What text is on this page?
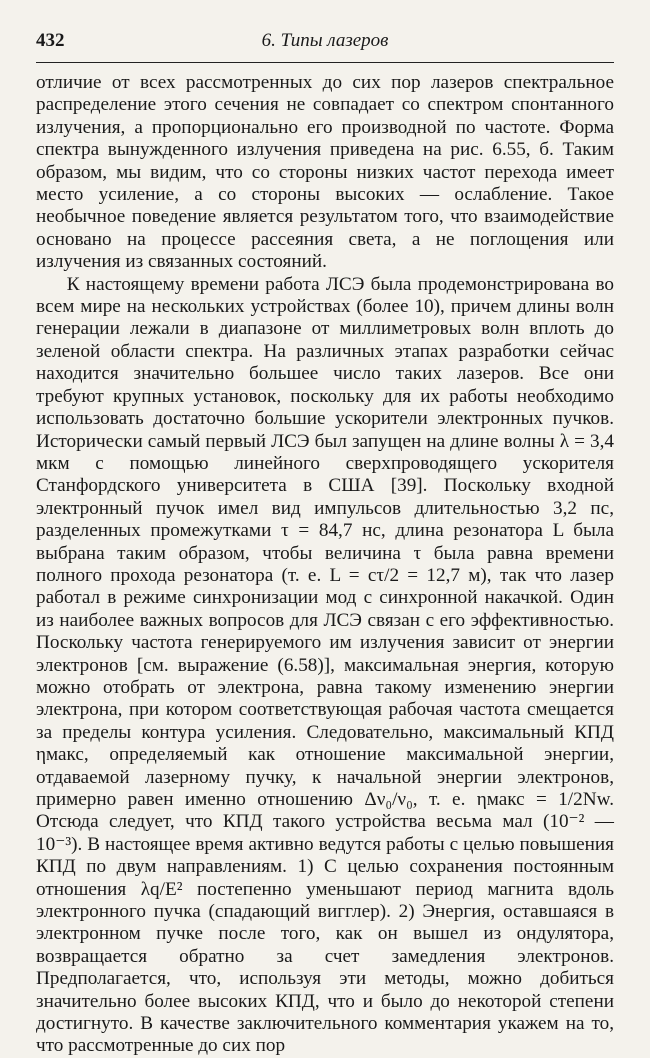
432	6. Типы лазеров

отличие от всех рассмотренных до сих пор лазеров спектральное распределение этого сечения не совпадает со спектром спонтанного излучения, а пропорционально его производной по частоте. Форма спектра вынужденного излучения приведена на рис. 6.55, б. Таким образом, мы видим, что со стороны низких частот перехода имеет место усиление, а со стороны высоких — ослабление. Такое необычное поведение является результатом того, что взаимодействие основано на процессе рассеяния света, а не поглощения или излучения из связанных состояний.

К настоящему времени работа ЛСЭ была продемонстрирована во всем мире на нескольких устройствах (более 10), причем длины волн генерации лежали в диапазоне от миллиметровых волн вплоть до зеленой области спектра. На различных этапах разработки сейчас находится значительно большее число таких лазеров. Все они требуют крупных установок, поскольку для их работы необходимо использовать достаточно большие ускорители электронных пучков. Исторически самый первый ЛСЭ был запущен на длине волны λ = 3,4 мкм с помощью линейного сверхпроводящего ускорителя Станфордского университета в США [39]. Поскольку входной электронный пучок имел вид импульсов длительностью 3,2 пс, разделенных промежутками τ = 84,7 нс, длина резонатора L была выбрана таким образом, чтобы величина τ была равна времени полного прохода резонатора (т. е. L = cτ/2 = 12,7 м), так что лазер работал в режиме синхронизации мод с синхронной накачкой. Один из наиболее важных вопросов для ЛСЭ связан с его эффективностью. Поскольку частота генерируемого им излучения зависит от энергии электронов [см. выражение (6.58)], максимальная энергия, которую можно отобрать от электрона, равна такому изменению энергии электрона, при котором соответствующая рабочая частота смещается за пределы контура усиления. Следовательно, максимальный КПД ηмакс, определяемый как отношение максимальной энергии, отдаваемой лазерному пучку, к начальной энергии электронов, примерно равен именно отношению Δν₀/ν₀, т. е. ηмакс = 1/2Nw. Отсюда следует, что КПД такого устройства весьма мал (10⁻² — 10⁻³). В настоящее время активно ведутся работы с целью повышения КПД по двум направлениям. 1) С целью сохранения постоянным отношения λq/E² постепенно уменьшают период магнита вдоль электронного пучка (спадающий вигглер). 2) Энергия, оставшаяся в электронном пучке после того, как он вышел из ондулятора, возвращается обратно за счет замедления электронов. Предполагается, что, используя эти методы, можно добиться значительно более высоких КПД, что и было до некоторой степени достигнуто. В качестве заключительного комментария укажем на то, что рассмотренные до сих пор
